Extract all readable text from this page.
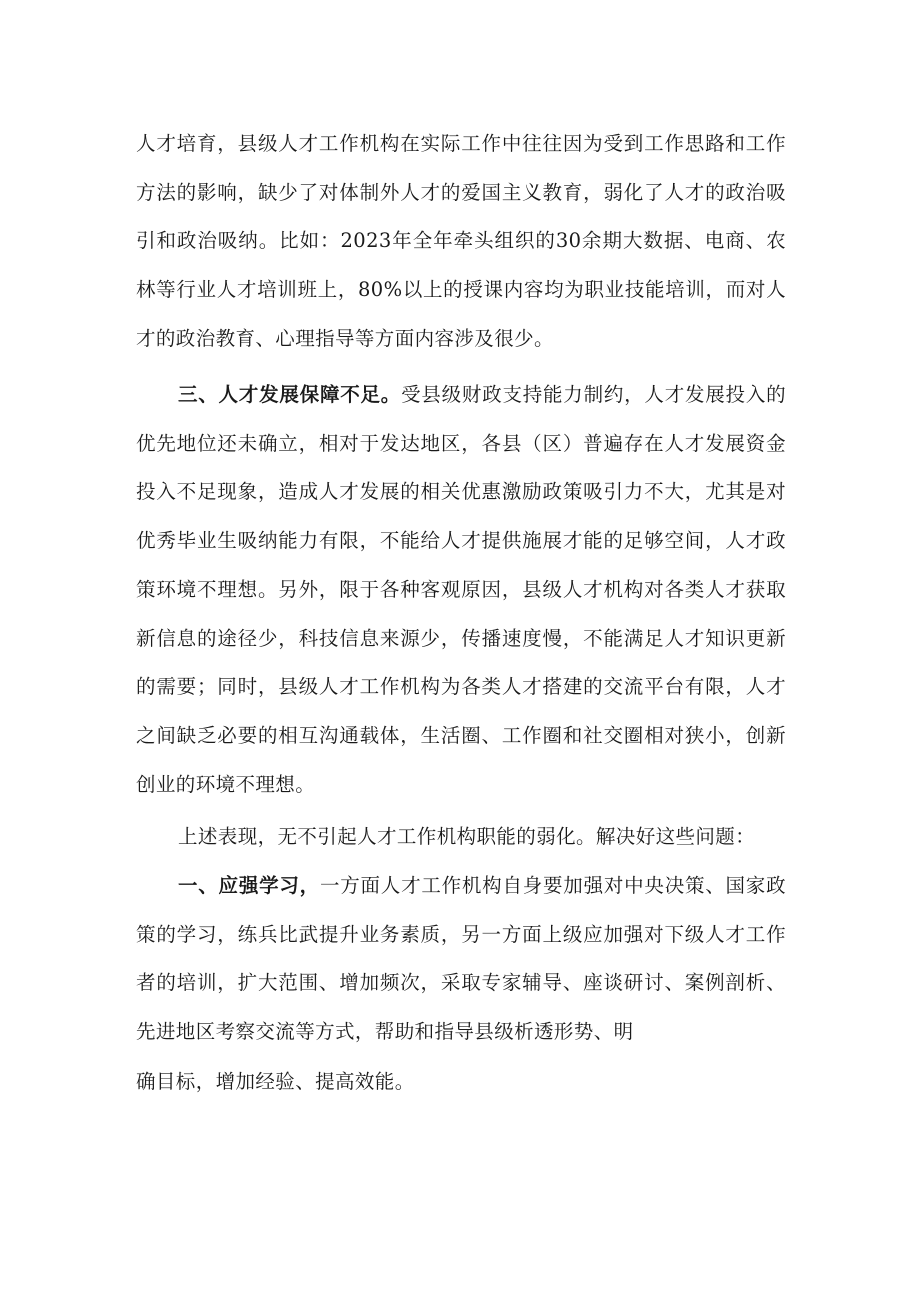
人才培育，县级人才工作机构在实际工作中往往因为受到工作思路和工作方法的影响，缺少了对体制外人才的爱国主义教育，弱化了人才的政治吸引和政治吸纳。比如：2023年全年牵头组织的30余期大数据、电商、农林等行业人才培训班上，80%以上的授课内容均为职业技能培训，而对人才的政治教育、心理指导等方面内容涉及很少。

三、人才发展保障不足。受县级财政支持能力制约，人才发展投入的优先地位还未确立，相对于发达地区，各县（区）普遍存在人才发展资金投入不足现象，造成人才发展的相关优惠激励政策吸引力不大，尤其是对优秀毕业生吸纳能力有限，不能给人才提供施展才能的足够空间，人才政策环境不理想。另外，限于各种客观原因，县级人才机构对各类人才获取新信息的途径少，科技信息来源少，传播速度慢，不能满足人才知识更新的需要；同时，县级人才工作机构为各类人才搭建的交流平台有限，人才之间缺乏必要的相互沟通载体，生活圈、工作圈和社交圈相对狭小，创新创业的环境不理想。

上述表现，无不引起人才工作机构职能的弱化。解决好这些问题：

一、应强学习，一方面人才工作机构自身要加强对中央决策、国家政策的学习，练兵比武提升业务素质，另一方面上级应加强对下级人才工作者的培训，扩大范围、增加频次，采取专家辅导、座谈研讨、案例剖析、先进地区考察交流等方式，帮助和指导县级析透形势、明

确目标，增加经验、提高效能。
